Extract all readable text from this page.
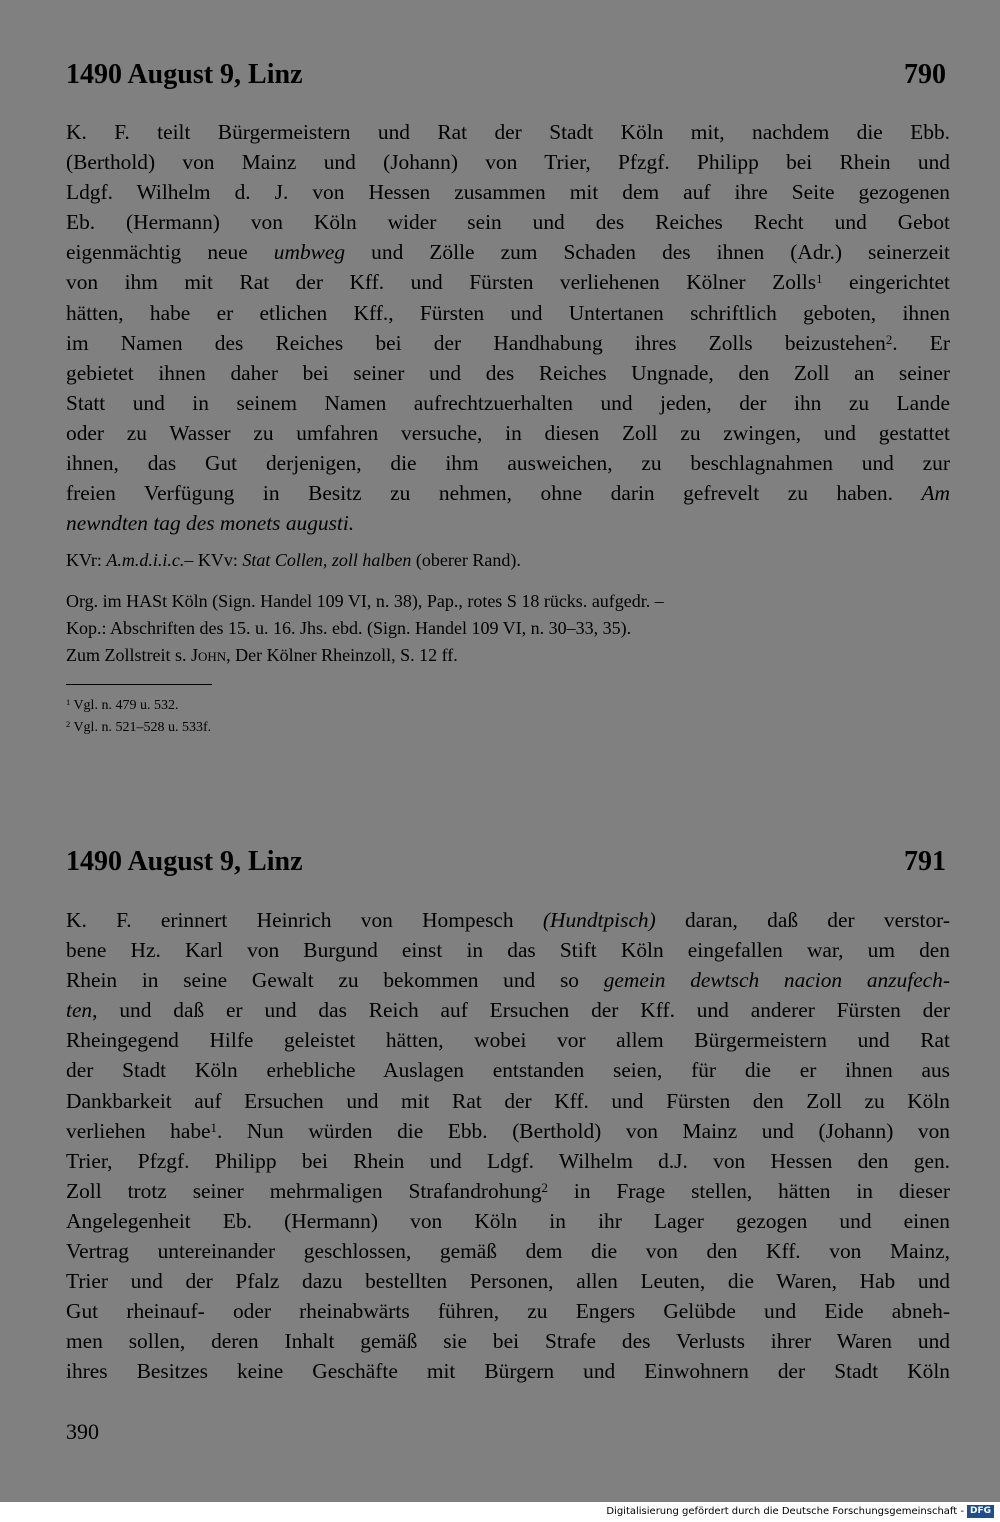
1490 August 9, Linz	790
K. F. teilt Bürgermeistern und Rat der Stadt Köln mit, nachdem die Ebb.
(Berthold) von Mainz und (Johann) von Trier, Pfzgf. Philipp bei Rhein und
Ldgf. Wilhelm d. J. von Hessen zusammen mit dem auf ihre Seite gezogenen
Eb. (Hermann) von Köln wider sein und des Reiches Recht und Gebot
eigenmächtig neue umbweg und Zölle zum Schaden des ihnen (Adr.) seinerzeit
von ihm mit Rat der Kff. und Fürsten verliehenen Kölner Zolls$^1$ eingerichtet
hätten, habe er etlichen Kff., Fürsten und Untertanen schriftlich geboten, ihnen
im Namen des Reiches bei der Handhabung ihres Zolls beizustehen$^2$. Er
gebietet ihnen daher bei seiner und des Reiches Ungnade, den Zoll an seiner
Statt und in seinem Namen aufrechtzuerhalten und jeden, der ihn zu Lande
oder zu Wasser zu umfahren versuche, in diesen Zoll zu zwingen, und gestattet
ihnen, das Gut derjenigen, die ihm ausweichen, zu beschlagnahmen und zur
freien Verfügung in Besitz zu nehmen, ohne darin gefrevelt zu haben. Am
newndten tag des monets augusti.
KVr: A.m.d.i.i.c.– KVv: Stat Collen, zoll halben (oberer Rand).
Org. im HASt Köln (Sign. Handel 109 VI, n. 38), Pap., rotes S 18 rücks. aufgedr. –
Kop.: Abschriften des 15. u. 16. Jhs. ebd. (Sign. Handel 109 VI, n. 30–33, 35).
Zum Zollstreit s. John, Der Kölner Rheinzoll, S. 12 ff.
$^1$ Vgl. n. 479 u. 532.
$^2$ Vgl. n. 521–528 u. 533f.
1490 August 9, Linz	791
K. F. erinnert Heinrich von Hompesch (Hundtpisch) daran, daß der verstor-
bene Hz. Karl von Burgund einst in das Stift Köln eingefallen war, um den
Rhein in seine Gewalt zu bekommen und so gemein dewtsch nacion anzufech-
ten, und daß er und das Reich auf Ersuchen der Kff. und anderer Fürsten der
Rheingegend Hilfe geleistet hätten, wobei vor allem Bürgermeistern und Rat
der Stadt Köln erhebliche Auslagen entstanden seien, für die er ihnen aus
Dankbarkeit auf Ersuchen und mit Rat der Kff. und Fürsten den Zoll zu Köln
verliehen habe$^1$. Nun würden die Ebb. (Berthold) von Mainz und (Johann) von
Trier, Pfzgf. Philipp bei Rhein und Ldgf. Wilhelm d.J. von Hessen den gen.
Zoll trotz seiner mehrmaligen Strafandrohung$^2$ in Frage stellen, hätten in dieser
Angelegenheit Eb. (Hermann) von Köln in ihr Lager gezogen und einen
Vertrag untereinander geschlossen, gemäß dem die von den Kff. von Mainz,
Trier und der Pfalz dazu bestellten Personen, allen Leuten, die Waren, Hab und
Gut rheinauf- oder rheinabwärts führen, zu Engers Gelübde und Eide abneh-
men sollen, deren Inhalt gemäß sie bei Strafe des Verlusts ihrer Waren und
ihres Besitzes keine Geschäfte mit Bürgern und Einwohnern der Stadt Köln
390
Digitalisierung gefördert durch die Deutsche Forschungsgemeinschaft - DFG
